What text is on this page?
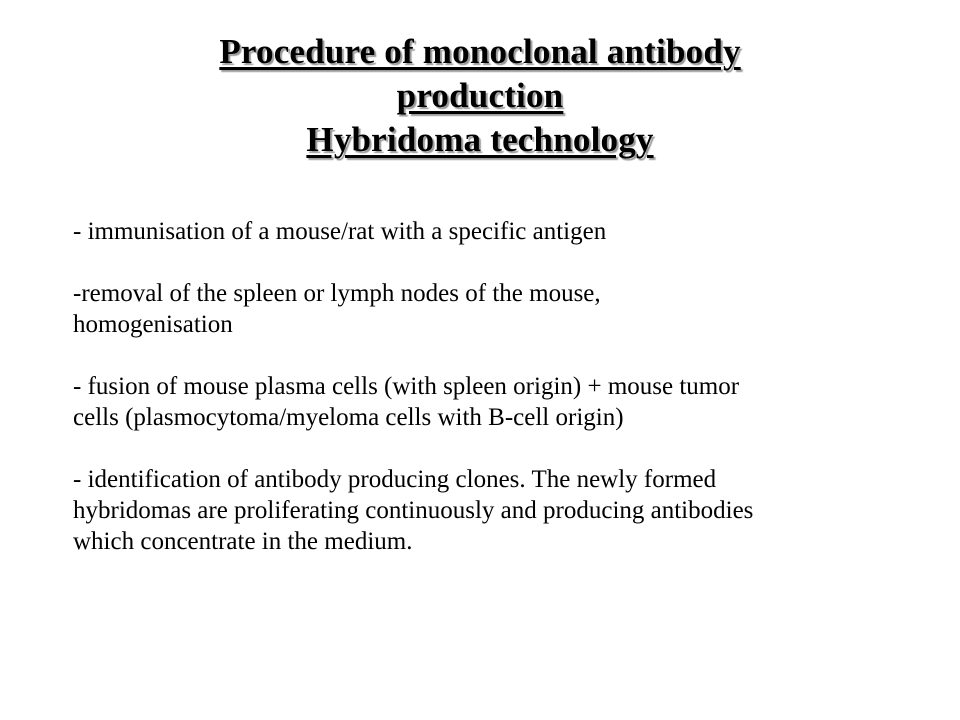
Procedure of monoclonal antibody
production
Hybridoma technology
- immunisation of a mouse/rat with a specific antigen
-removal of the spleen or lymph nodes of the mouse,
homogenisation
- fusion of mouse plasma cells (with spleen origin) + mouse tumor
cells (plasmocytoma/myeloma cells with B-cell origin)
- identification of antibody producing clones. The newly formed
hybridomas are proliferating continuously and producing antibodies
which concentrate in the medium.
